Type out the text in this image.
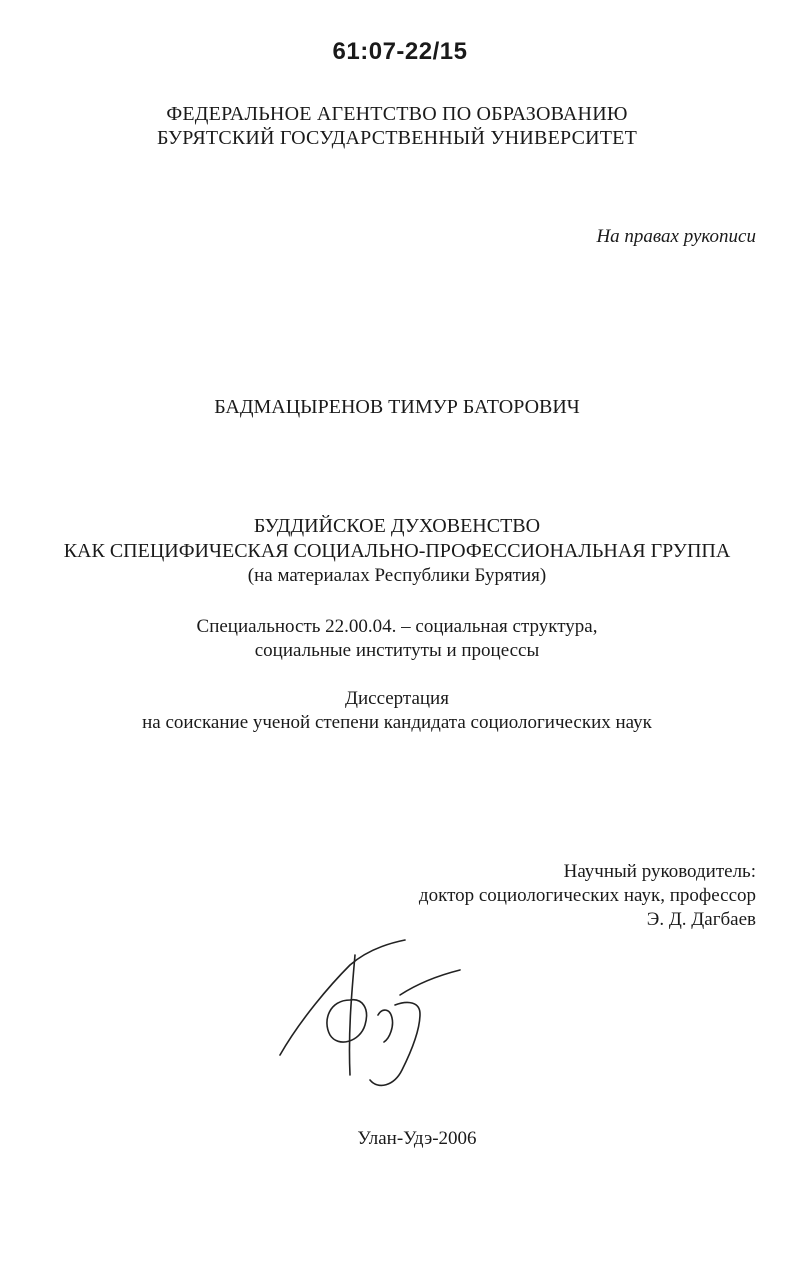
61:07-22/15
ФЕДЕРАЛЬНОЕ АГЕНТСТВО ПО ОБРАЗОВАНИЮ
БУРЯТСКИЙ ГОСУДАРСТВЕННЫЙ УНИВЕРСИТЕТ
На правах рукописи
БАДМАЦЫРЕНОВ ТИМУР БАТОРОВИЧ
БУДДИЙСКОЕ ДУХОВЕНСТВО
КАК СПЕЦИФИЧЕСКАЯ СОЦИАЛЬНО-ПРОФЕССИОНАЛЬНАЯ ГРУППА
(на материалах Республики Бурятия)
Специальность 22.00.04. – социальная структура,
социальные институты и процессы
Диссертация
на соискание ученой степени кандидата социологических наук
Научный руководитель:
доктор социологических наук, профессор
Э. Д. Дагбаев
Улан-Удэ-2006
